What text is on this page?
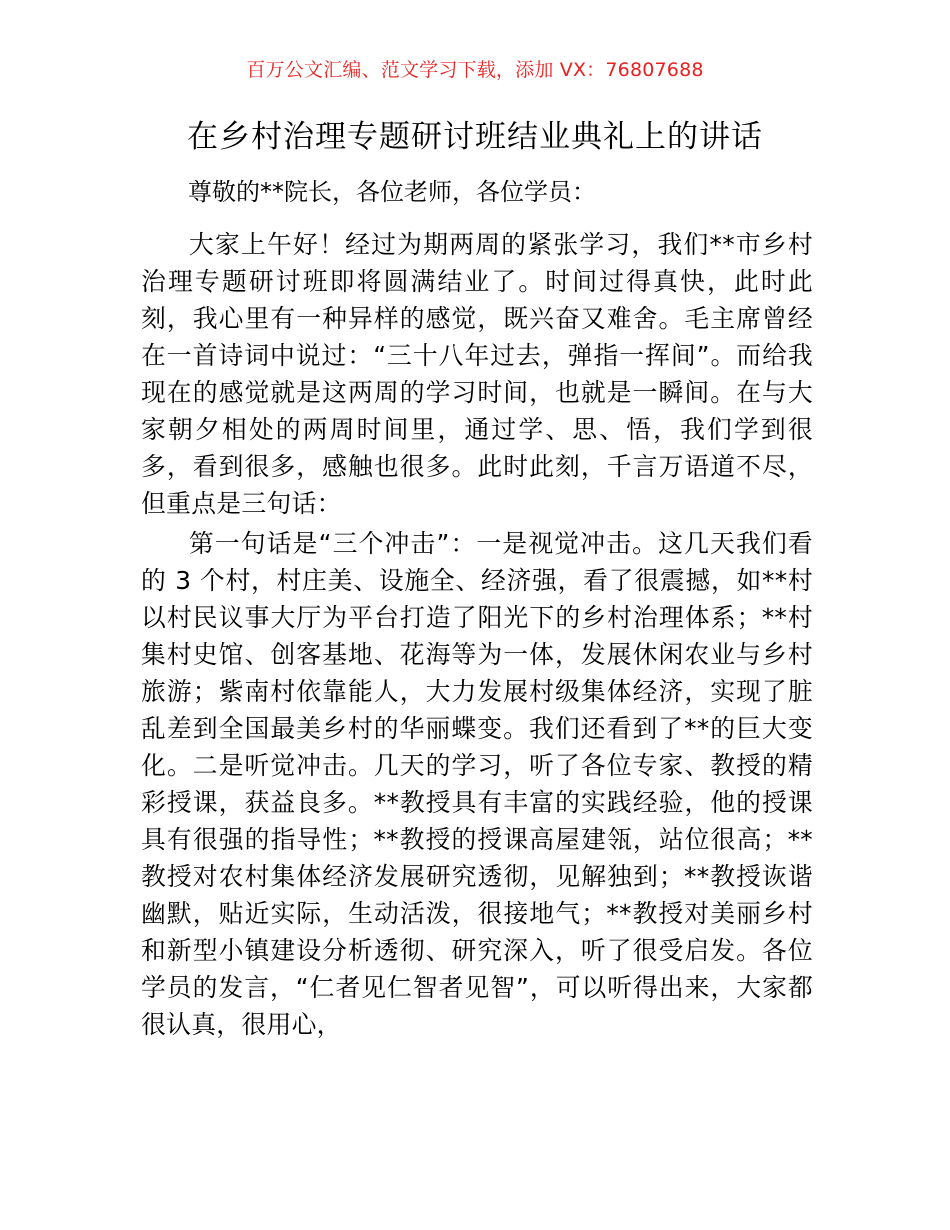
百万公文汇编、范文学习下载，添加 VX：76807688
在乡村治理专题研讨班结业典礼上的讲话
尊敬的**院长，各位老师，各位学员：
大家上午好！经过为期两周的紧张学习，我们**市乡村治理专题研讨班即将圆满结业了。时间过得真快，此时此刻，我心里有一种异样的感觉，既兴奋又难舍。毛主席曾经在一首诗词中说过：“三十八年过去，弹指一挥间”。而给我现在的感觉就是这两周的学习时间，也就是一瞬间。在与大家朝夕相处的两周时间里，通过学、思、悟，我们学到很多，看到很多，感触也很多。此时此刻，千言万语道不尽，但重点是三句话：
第一句话是“三个冲击”：一是视觉冲击。这几天我们看的 3 个村，村庄美、设施全、经济强，看了很震撼，如**村以村民议事大厅为平台打造了阳光下的乡村治理体系；**村集村史馆、创客基地、花海等为一体，发展休闲农业与乡村旅游；紫南村依靠能人，大力发展村级集体经济，实现了脏乱差到全国最美乡村的华丽蝶变。我们还看到了**的巨大变化。二是听觉冲击。几天的学习，听了各位专家、教授的精彩授课，获益良多。**教授具有丰富的实践经验，他的授课具有很强的指导性；**教授的授课高屋建瓴，站位很高；**教授对农村集体经济发展研究透彻，见解独到；**教授诙谐幽默，贴近实际，生动活泼，很接地气；**教授对美丽乡村和新型小镇建设分析透彻、研究深入，听了很受启发。各位学员的发言，“仁者见仁智者见智”，可以听得出来，大家都很认真，很用心，
